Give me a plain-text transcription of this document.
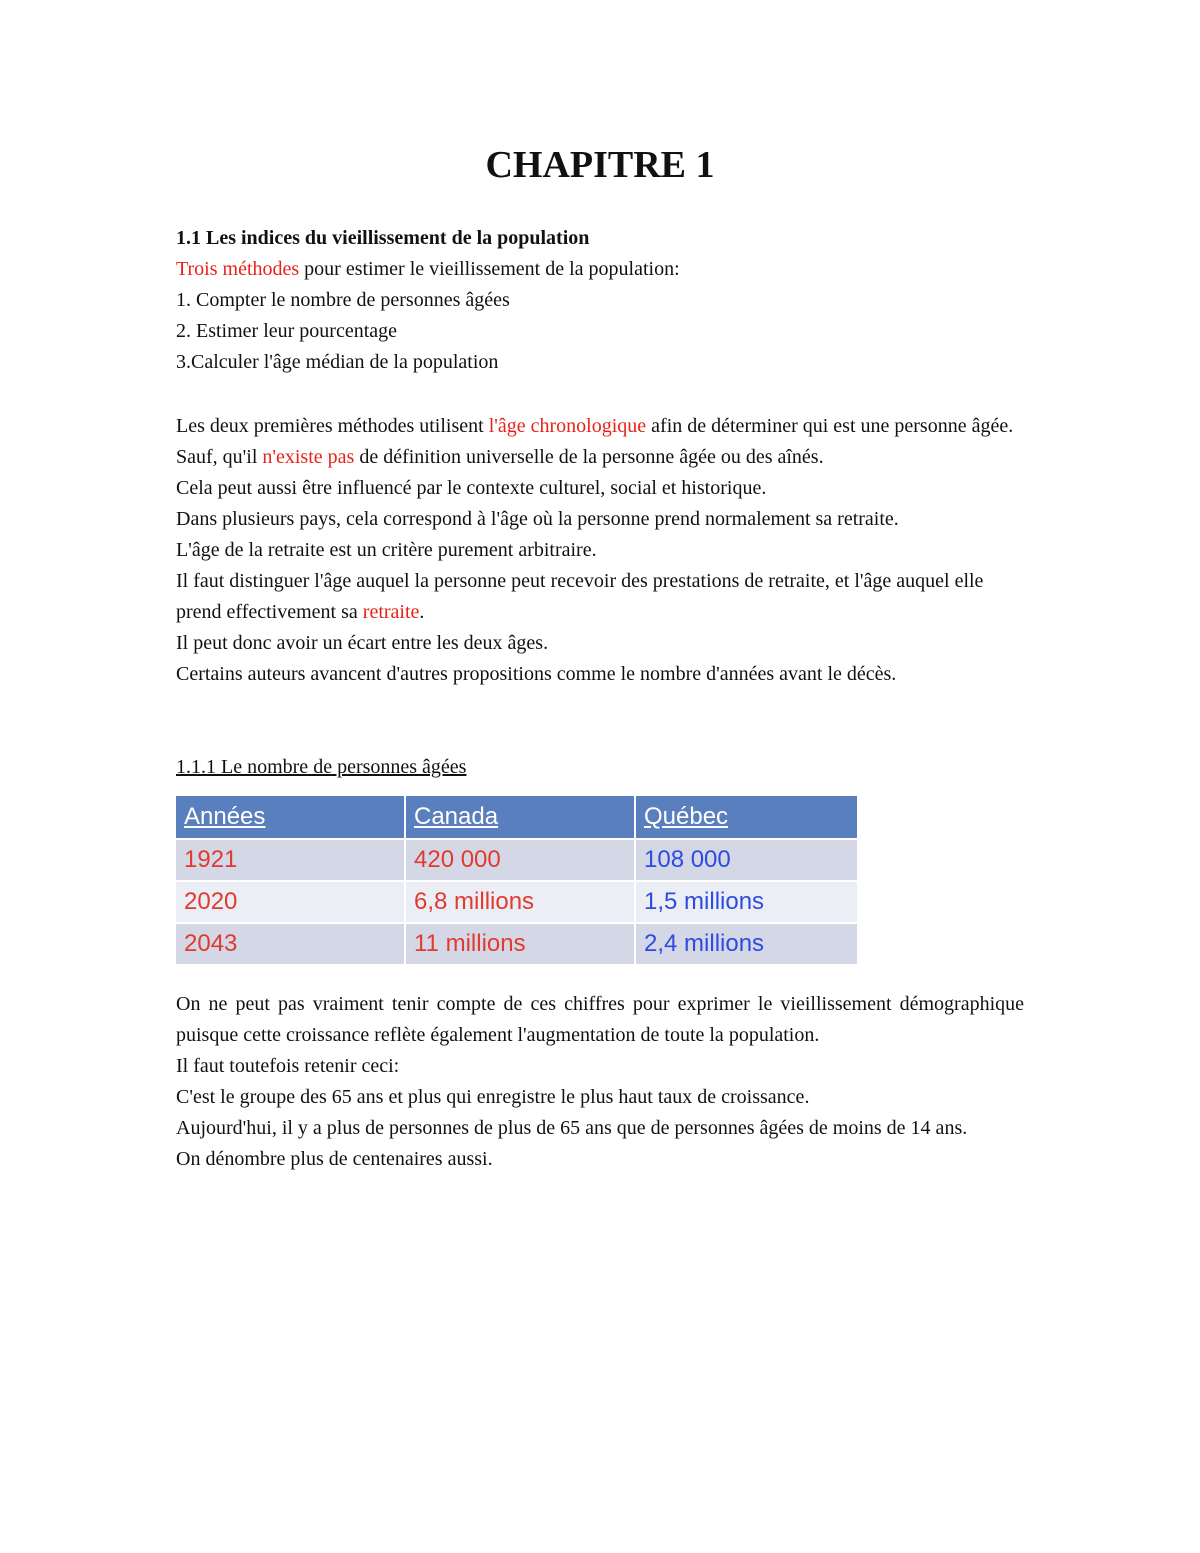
CHAPITRE 1

1.1 Les indices du vieillissement de la population

Trois méthodes pour estimer le vieillissement de la population:

1. Compter le nombre de personnes âgées

2. Estimer leur pourcentage

3.Calculer l'âge médian de la population

Les deux premières méthodes utilisent l'âge chronologique afin de déterminer qui est une personne âgée.

Sauf, qu'il n'existe pas de définition universelle de la personne âgée ou des aînés.

Cela peut aussi être influencé par le contexte culturel, social et historique.

Dans plusieurs pays, cela correspond à l'âge où la personne prend normalement sa retraite.

L'âge de la retraite est un critère purement arbitraire.

Il faut distinguer l'âge auquel la personne peut recevoir des prestations de retraite, et l'âge auquel elle prend effectivement sa retraite.

Il peut donc avoir un écart entre les deux âges.

Certains auteurs avancent d'autres propositions comme le nombre d'années avant le décès.

1.1.1 Le nombre de personnes âgées

Années	Canada	Québec
1921	420 000	108 000
2020	6,8 millions	1,5 millions
2043	11 millions	2,4 millions

On ne peut pas vraiment tenir compte de ces chiffres pour exprimer le vieillissement démographique puisque cette croissance reflète également l'augmentation de toute la population.

Il faut toutefois retenir ceci:

C'est le groupe des 65 ans et plus qui enregistre le plus haut taux de croissance.

Aujourd'hui, il y a plus de personnes de plus de 65 ans que de personnes âgées de moins de 14 ans.

On dénombre plus de centenaires aussi.
